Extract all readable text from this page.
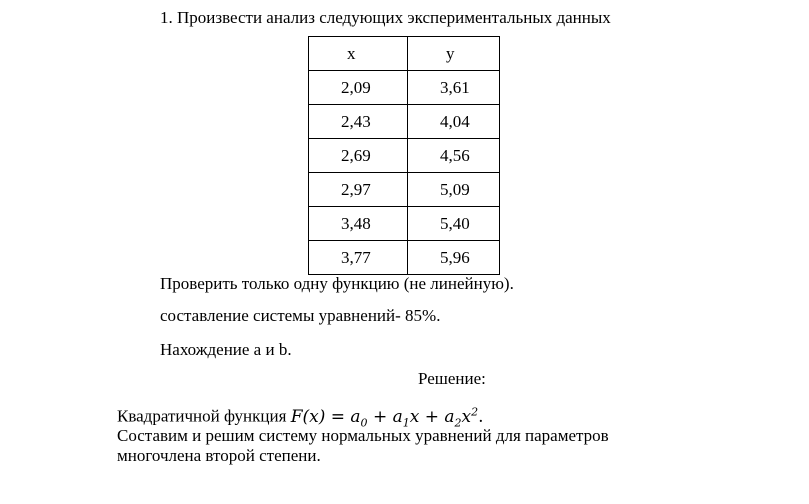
1. Произвести анализ следующих экспериментальных данных
x	y
2,09	3,61
2,43	4,04
2,69	4,56
2,97	5,09
3,48	5,40
3,77	5,96
Проверить только одну функцию (не линейную).
составление системы уравнений- 85%.
Нахождение a и b.
Решение:
Квадратичной функция $F(x) = a_0 + a_1x + a_2x^2$.
Составим и решим систему нормальных уравнений для параметров
многочлена второй степени.
